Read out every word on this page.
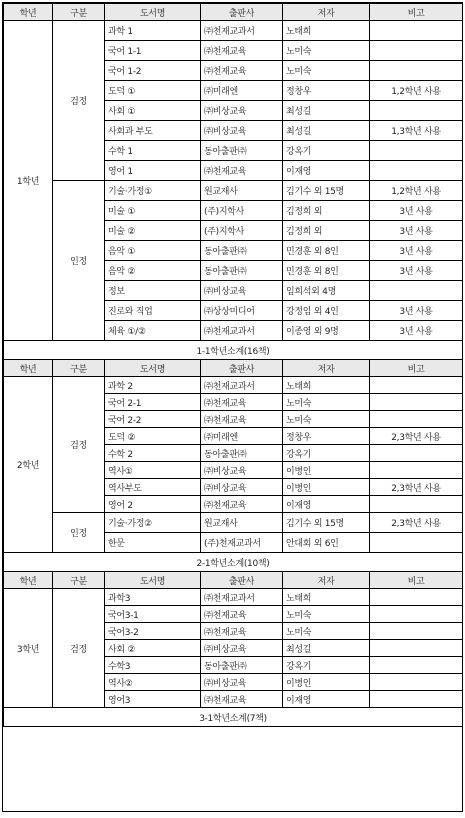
학년	구분	도서명	출판사	저자	비고
1학년	검정	과학 1	㈜천재교과서	노태희	
		국어 1-1	㈜천재교육	노미숙	
		국어 1-2	㈜천재교육	노미숙	
		도덕 ①	㈜미래엔	정창우	1,2학년 사용
		사회 ①	㈜비상교육	최성길	
		사회과 부도	㈜비상교육	최성길	1,3학년 사용
		수학 1	동아출판㈜	강옥기	
		영어 1	㈜천재교육	이재영	
	인정	기술·가정①	원교재사	김기수 외 15명	1,2학년 사용
		미술 ①	(주)지학사	김정희 외	3년 사용
		미술 ②	(주)지학사	김정희 외	3년 사용
		음악 ①	동아출판㈜	민경훈 외 8인	3년 사용
		음악 ②	동아출판㈜	민경훈 외 8인	3년 사용
		정보	㈜비상교육	임희석외 4명	
		진로와 직업	㈜상상미디어	강정임 외 4인	3년 사용
		체육 ①/②	㈜천재교과서	이종영 외 9명	3년 사용
1-1학년소계(16책)					
학년	구분	도서명	출판사	저자	비고
2학년	검정	과학 2	㈜천재교과서	노태희	
		국어 2-1	㈜천재교육	노미숙	
		국어 2-2	㈜천재교육	노미숙	
		도덕 ②	㈜미래엔	정창우	2,3학년 사용
		수학 2	동아출판㈜	강옥기	
		역사①	㈜비상교육	이병인	
		역사부도	㈜비상교육	이병인	2,3학년 사용
		영어 2	㈜천재교육	이재영	
	인정	기술·가정②	원교재사	김기수 외 15명	2,3학년 사용
		한문	(주)천재교과서	안대회 외 6인	
2-1학년소계(10책)					
학년	구분	도서명	출판사	저자	비고
3학년	검정	과학3	㈜천재교과서	노태희	
		국어3-1	㈜천재교육	노미숙	
		국어3-2	㈜천재교육	노미숙	
		사회 ②	㈜비상교육	최성길	
		수학3	동아출판㈜	강옥기	
		역사②	㈜비상교육	이병인	
		영어3	㈜천재교육	이재영	
3-1학년소계(7책)					
